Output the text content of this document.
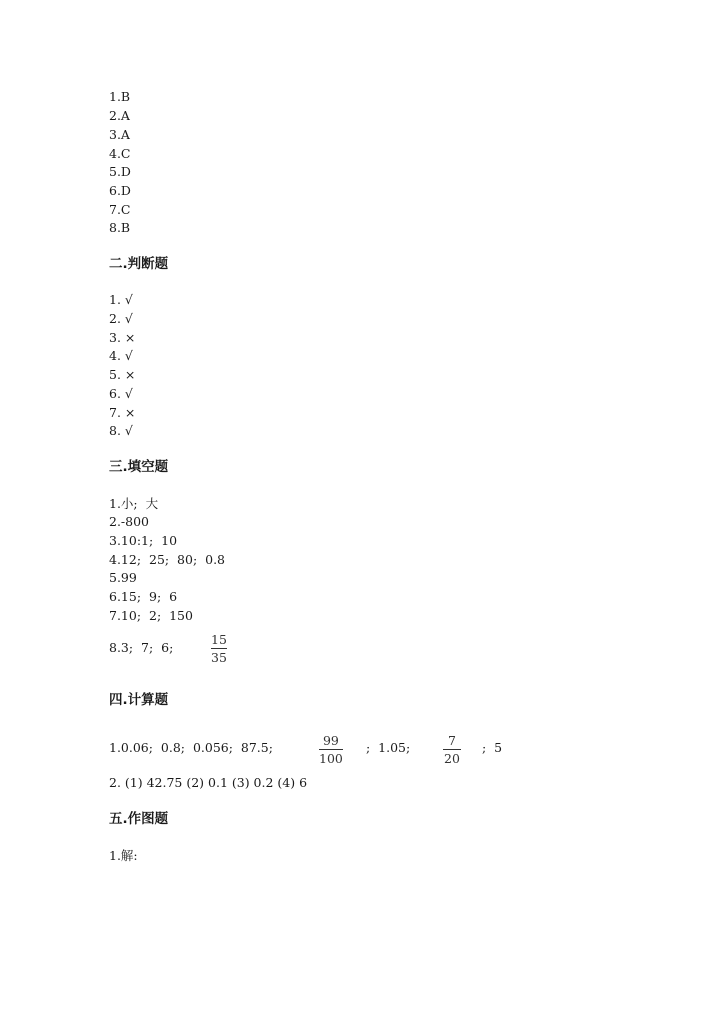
1.B
2.A
3.A
4.C
5.D
6.D
7.C
8.B
二.判断题
1. √
2. √
3. ×
4. √
5. ×
6. √
7. ×
8. √
三.填空题
1.小;  大
2.-800
3.10:1;  10
4.12;  25;  80;  0.8
5.99
6.15;  9;  6
7.10;  2;  150
8.3;  7;  6;
15
35
四.计算题
1.0.06;  0.8;  0.056;  87.5;	99
100
;  1.05;	7
20
;  5
2. (1) 42.75 (2) 0.1 (3) 0.2 (4) 6
五.作图题
1.解:
